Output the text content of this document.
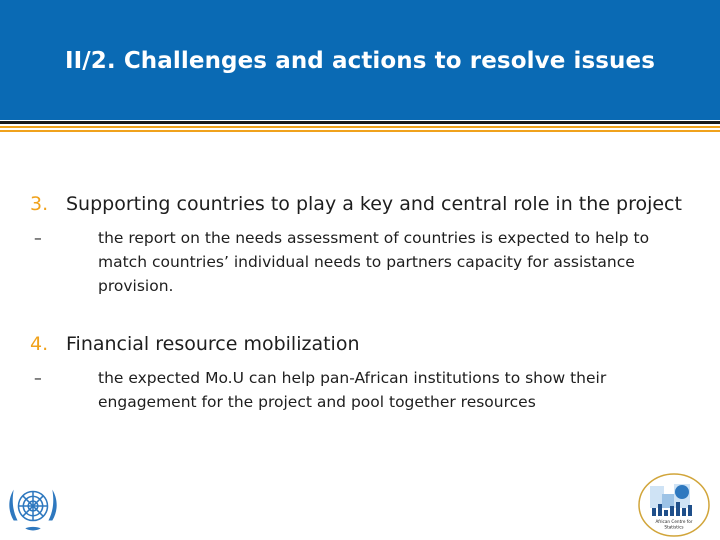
II/2. Challenges and actions to resolve issues
3. Supporting countries to play a key and central role in the project
–	the report on the needs assessment of countries is expected to help to
match countries’ individual needs to partners capacity for assistance
provision.
4. Financial resource mobilization
–	the expected Mo.U can help pan-African institutions to show their
engagement for the project and pool together resources
African Centre for
Statistics
